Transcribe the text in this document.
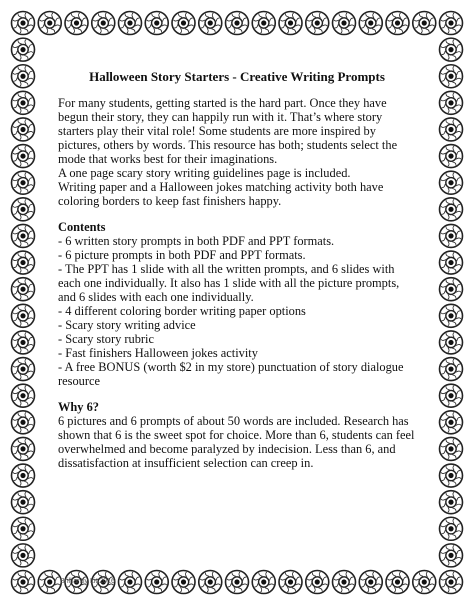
Halloween Story Starters - Creative Writing Prompts

For many students, getting started is the hard part. Once they have begun their story, they can happily run with it. That’s where story starters play their vital role! Some students are more inspired by pictures, others by words. This resource has both; students select the mode that works best for their imaginations.

A one page scary story writing guidelines page is included.

Writing paper and a Halloween jokes matching activity both have coloring borders to keep fast finishers happy.

Contents

- 6 written story prompts in both PDF and PPT formats.
- 6 picture prompts in both PDF and PPT formats.
- The PPT has 1 slide with all the written prompts, and 6 slides with each one individually. It also has 1 slide with all the picture prompts, and 6 slides with each one individually.
- 4 different coloring border writing paper options
- Scary story writing advice
- Scary story rubric
- Fast finishers Halloween jokes activity
- A free BONUS (worth $2 in my store) punctuation of story dialogue resource

Why 6?

6 pictures and 6 prompts of about 50 words are included. Research has shown that 6 is the sweet spot for choice. More than 6, students can feel overwhelmed and become paralyzed by indecision. Less than 6, and dissatisfaction at insufficient selection can creep in.

Brilliantly Lit 2016
